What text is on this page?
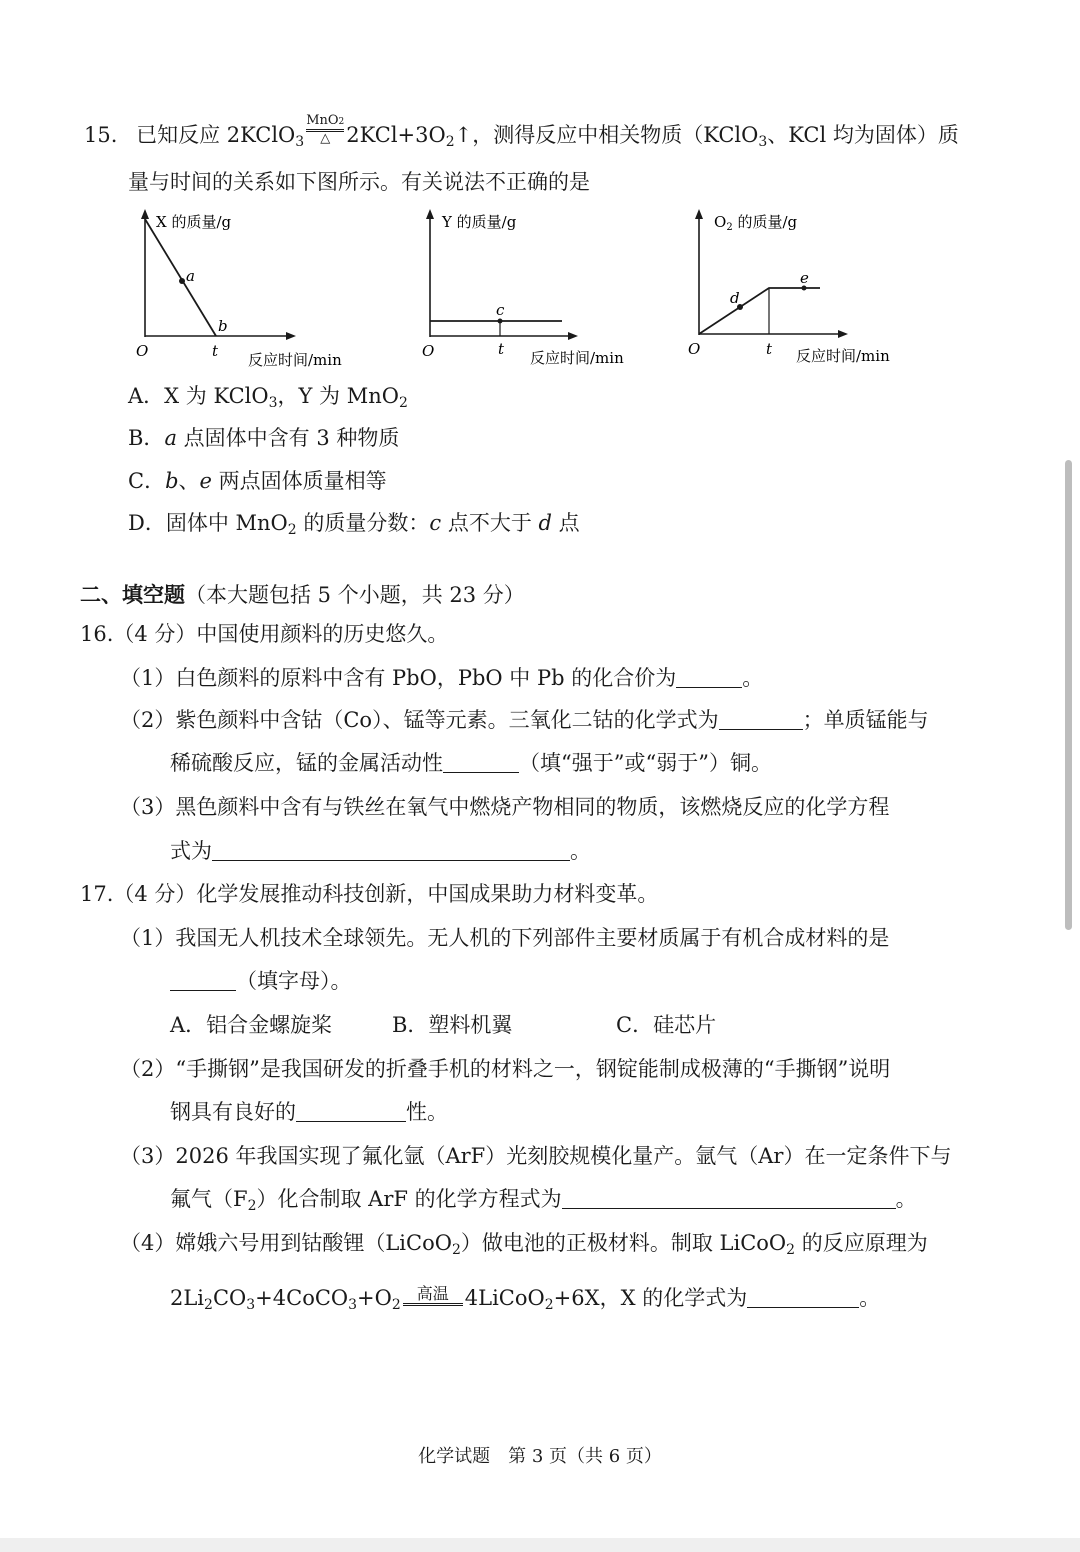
15. 已知反应 2KClO$_3$
MnO2
△ $2KCl+3O_2↑$，测得反应中相关物质（KClO$_3$、KCl 均为固体）质
量与时间的关系如下图所示。有关说法不正确的是
X 的质量/g
a
b
O	t 反应时间/min
Y 的质量/g
c
O	t 反应时间/min
$O_2$ 的质量/g
d
e
O	t 反应时间/min
A．X 为 KClO$_3$，Y 为 MnO$_2$
B．a 点固体中含有 3 种物质
C．b、e 两点固体质量相等
D．固体中 MnO$_2$ 的质量分数：c 点不大于 d 点
二、填空题（本大题包括 5 个小题，共 23 分）
16.（4 分）中国使用颜料的历史悠久。
（1）白色颜料的原料中含有 PbO，PbO 中 Pb 的化合价为	。
（2）紫色颜料中含钴（Co）、锰等元素。三氧化二钴的化学式为	；单质锰能与
稀硫酸反应，锰的金属活动性	（填“强于”或“弱于”）铜。
（3）黑色颜料中含有与铁丝在氧气中燃烧产物相同的物质，该燃烧反应的化学方程
式为	。
17.（4 分）化学发展推动科技创新，中国成果助力材料变革。
（1）我国无人机技术全球领先。无人机的下列部件主要材质属于有机合成材料的是
（填字母）。
A．铝合金螺旋桨	B．塑料机翼	C．硅芯片
（2）“手撕钢”是我国研发的折叠手机的材料之一，钢锭能制成极薄的“手撕钢”说明
钢具有良好的	性。
（3）2026 年我国实现了氟化氩（ArF）光刻胶规模化量产。氩气（Ar）在一定条件下与
氟气$(F_2)$化合制取 ArF 的化学方程式为	。
（4）嫦娥六号用到钴酸锂（LiCoO$_2$）做电池的正极材料。制取 LiCoO$_2$ 的反应原理为
$2Li_2CO_3+4CoCO_3+O_2$
高温 4LiCoO$_2$+6X，X 的化学式为	。
化学试题　第 3 页（共 6 页）
